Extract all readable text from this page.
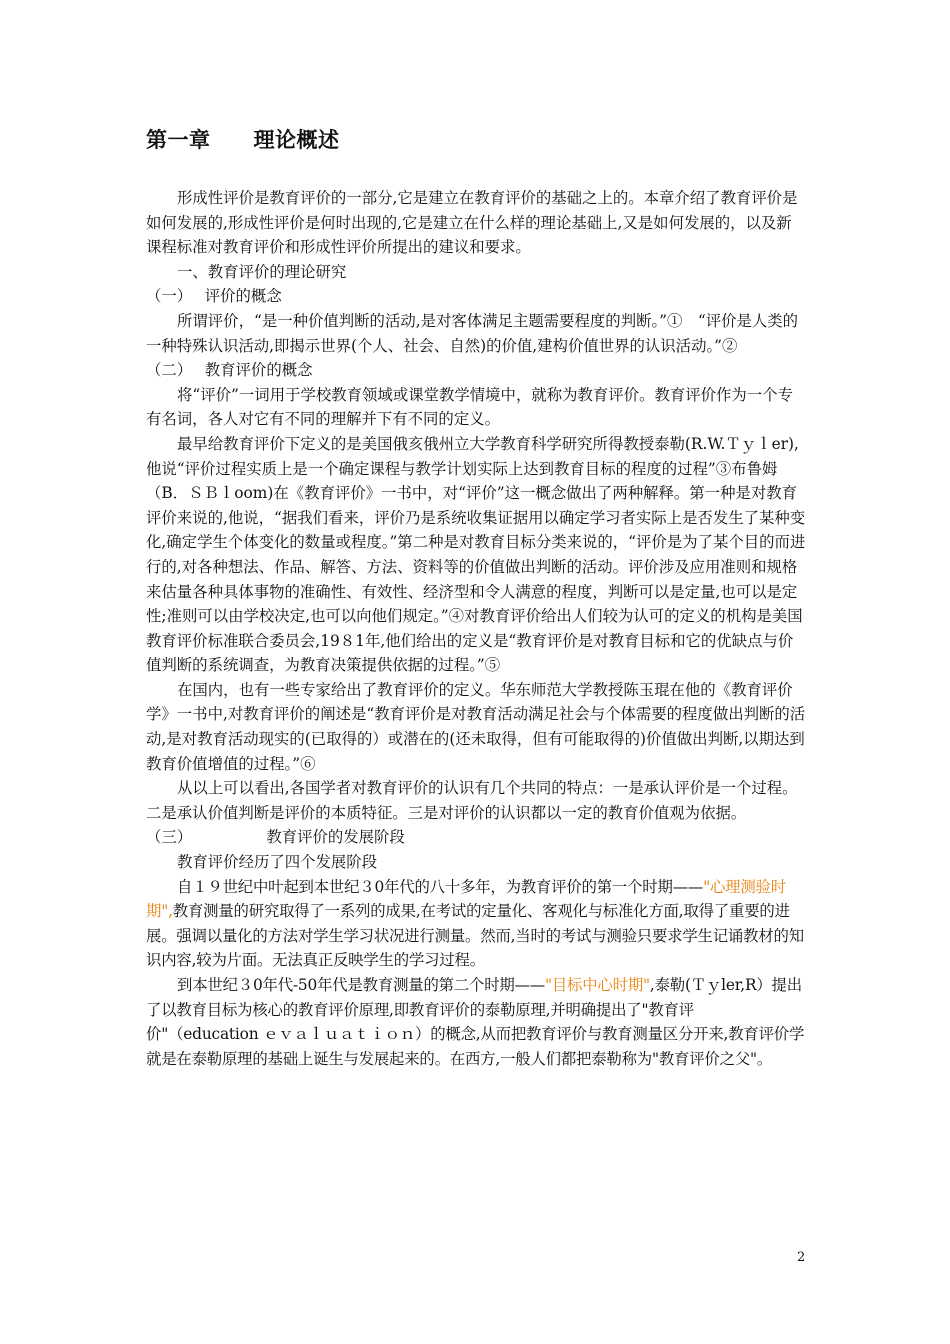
第一章　　理论概述

形成性评价是教育评价的一部分,它是建立在教育评价的基础之上的。本章介绍了教育评价是如何发展的,形成性评价是何时出现的,它是建立在什么样的理论基础上,又是如何发展的，以及新课程标准对教育评价和形成性评价所提出的建议和要求。

一、教育评价的理论研究

（一）　 评价的概念

所谓评价，“是一种价值判断的活动,是对客体满足主题需要程度的判断。”①　“评价是人类的一种特殊认识活动,即揭示世界(个人、社会、自然)的价值,建构价值世界的认识活动。”②

（二）　 教育评价的概念

将“评价”一词用于学校教育领域或课堂教学情境中，就称为教育评价。教育评价作为一个专有名词，各人对它有不同的理解并下有不同的定义。

最早给教育评价下定义的是美国俄亥俄州立大学教育科学研究所得教授泰勒(R.W.Ｔｙｌer),　他说“评价过程实质上是一个确定课程与教学计划实际上达到教育目标的程度的过程”③布鲁姆（B．ＳＢｌoom)在《教育评价》一书中，对“评价”这一概念做出了两种解释。第一种是对教育评价来说的,他说，“据我们看来，评价乃是系统收集证据用以确定学习者实际上是否发生了某种变化,确定学生个体变化的数量或程度。”第二种是对教育目标分类来说的，“评价是为了某个目的而进行的,对各种想法、作品、解答、方法、资料等的价值做出判断的活动。评价涉及应用准则和规格来估量各种具体事物的准确性、有效性、经济型和令人满意的程度，判断可以是定量,也可以是定性;准则可以由学校决定,也可以向他们规定。”④对教育评价给出人们较为认可的定义的机构是美国教育评价标准联合委员会,19８1年,他们给出的定义是“教育评价是对教育目标和它的优缺点与价值判断的系统调查，为教育决策提供依据的过程。”⑤

在国内，也有一些专家给出了教育评价的定义。华东师范大学教授陈玉琨在他的《教育评价学》一书中,对教育评价的阐述是“教育评价是对教育活动满足社会与个体需要的程度做出判断的活动,是对教育活动现实的(已取得的）或潜在的(还未取得，但有可能取得的)价值做出判断,以期达到教育价值增值的过程。”⑥

从以上可以看出,各国学者对教育评价的认识有几个共同的特点：一是承认评价是一个过程。二是承认价值判断是评价的本质特征。三是对评价的认识都以一定的教育价值观为依据。

（三）　　　　　 教育评价的发展阶段

教育评价经历了四个发展阶段

自１９世纪中叶起到本世纪３0年代的八十多年，为教育评价的第一个时期——"心理测验时期",教育测量的研究取得了一系列的成果,在考试的定量化、客观化与标准化方面,取得了重要的进展。强调以量化的方法对学生学习状况进行测量。然而,当时的考试与测验只要求学生记诵教材的知识内容,较为片面。无法真正反映学生的学习过程。

到本世纪３0年代-50年代是教育测量的第二个时期——"目标中心时期",泰勒(Ｔｙler,R）提出了以教育目标为核心的教育评价原理,即教育评价的泰勒原理,并明确提出了"教育评价"（education ｅｖａｌｕａｔｉｏｎ）的概念,从而把教育评价与教育测量区分开来,教育评价学就是在泰勒原理的基础上诞生与发展起来的。在西方,一般人们都把泰勒称为"教育评价之父"。

2
